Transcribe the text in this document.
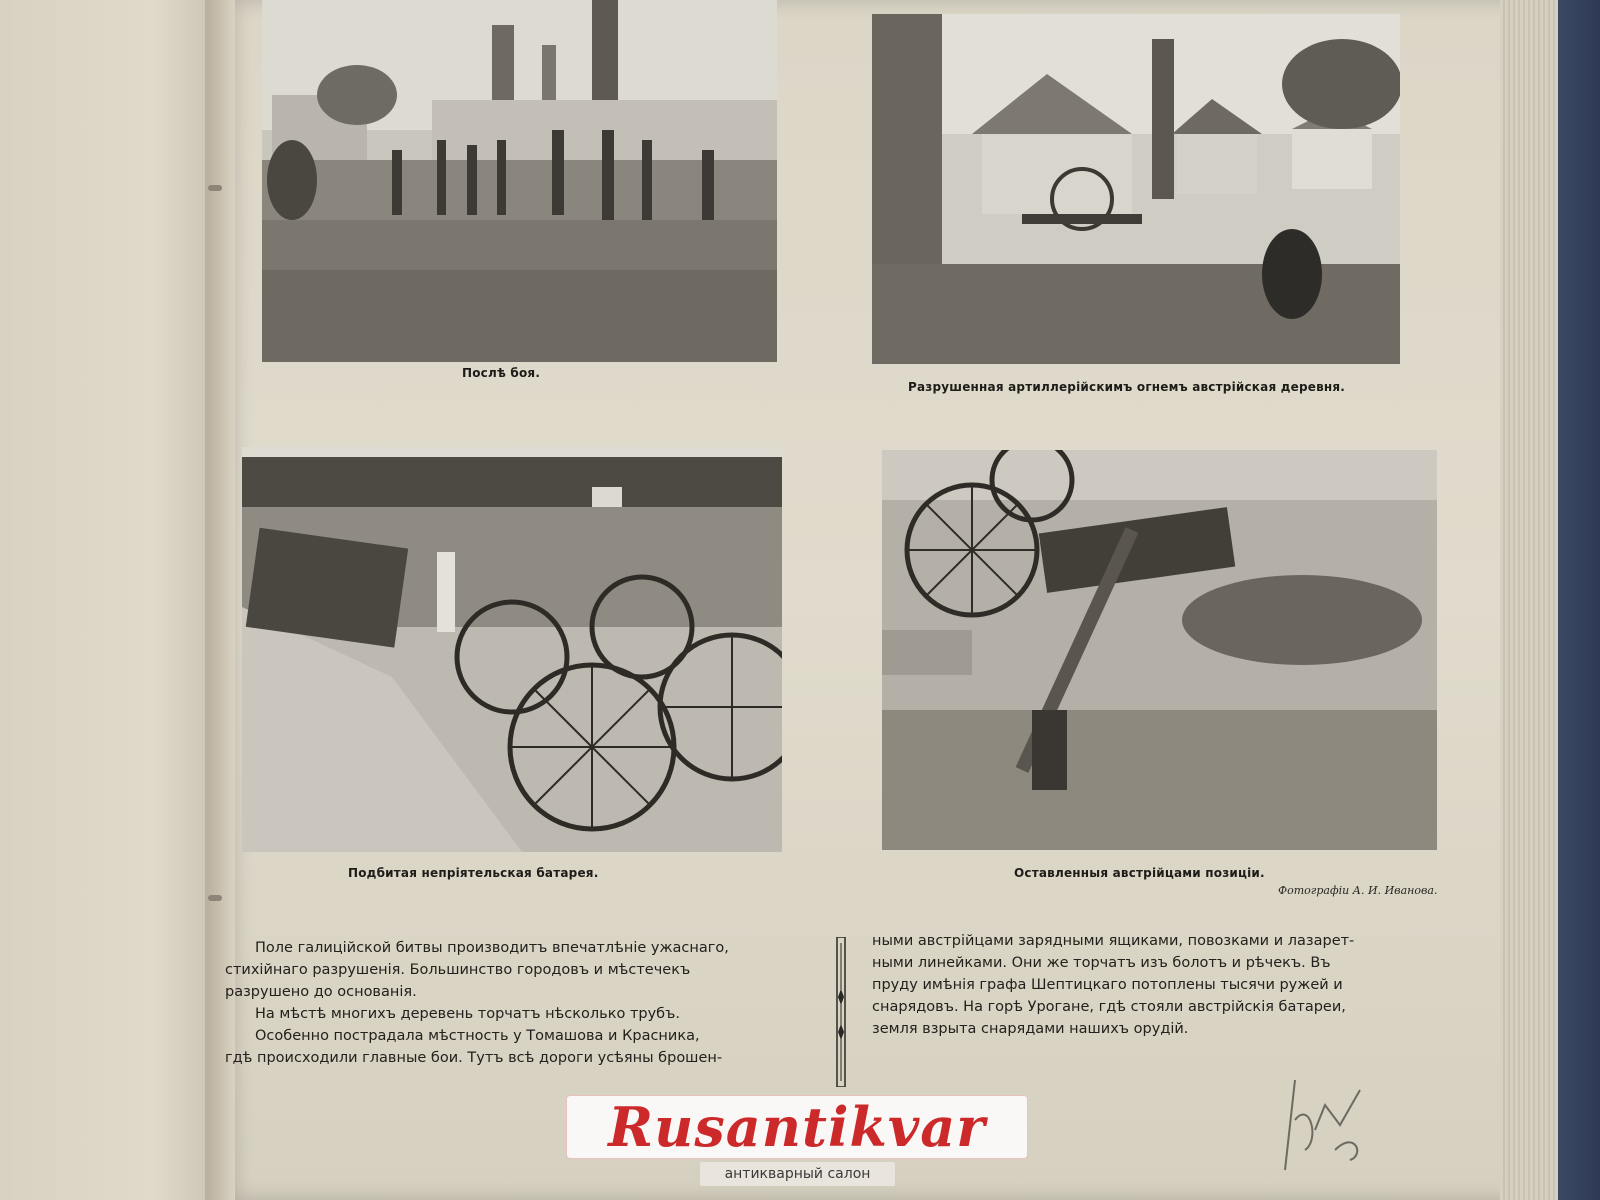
Послѣ боя.
Разрушенная артиллерійскимъ огнемъ австрійская деревня.
Подбитая непріятельская батарея.	Оставленныя австрійцами позиціи.
Фотографіи А. И. Иванова.

Поле галиційской битвы производитъ впечатлѣніе ужаснаго,

стихійнаго разрушенія. Большинство городовъ и мѣстечекъ

разрушено до основанія.

На мѣстѣ многихъ деревень торчатъ нѣсколько трубъ.

Особенно пострадала мѣстность у Томашова и Красника,

гдѣ происходили главные бои. Тутъ всѣ дороги усѣяны брошен-

ными австрійцами зарядными ящиками, повозками и лазарет-

ными линейками. Они же торчатъ изъ болотъ и рѣчекъ. Въ

пруду имѣнія графа Шептицкаго потоплены тысячи ружей и

снарядовъ. На горѣ Урогане, гдѣ стояли австрійскія батареи,

земля взрыта снарядами нашихъ орудій.

Rusantikvar
антикварный салон
